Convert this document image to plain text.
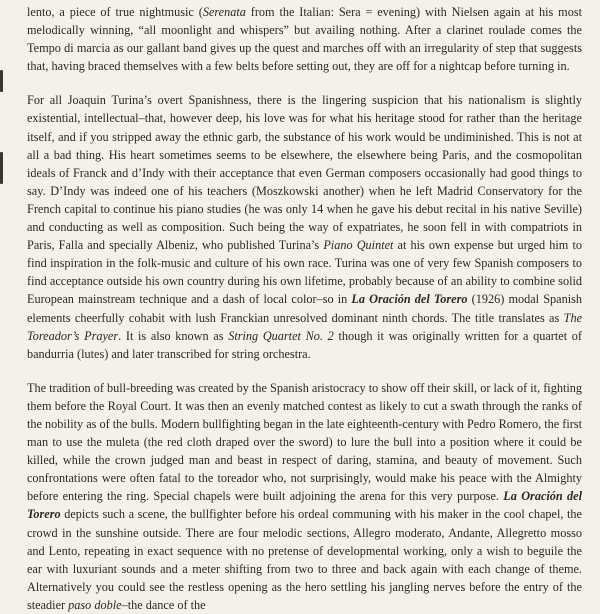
lento, a piece of true nightmusic (Serenata from the Italian: Sera = evening) with Nielsen again at his most melodically winning, “all moonlight and whispers” but availing nothing. After a clarinet roulade comes the Tempo di marcia as our gallant band gives up the quest and marches off with an irregularity of step that suggests that, having braced themselves with a few belts before setting out, they are off for a nightcap before turning in.

For all Joaquin Turina’s overt Spanishness, there is the lingering suspicion that his nationalism is slightly existential, intellectual–that, however deep, his love was for what his heritage stood for rather than the heritage itself, and if you stripped away the ethnic garb, the substance of his work would be undiminished. This is not at all a bad thing. His heart sometimes seems to be elsewhere, the elsewhere being Paris, and the cosmopolitan ideals of Franck and d’Indy with their acceptance that even German composers occasionally had good things to say. D’Indy was indeed one of his teachers (Moszkowski another) when he left Madrid Conservatory for the French capital to continue his piano studies (he was only 14 when he gave his debut recital in his native Seville) and conducting as well as composition. Such being the way of expatriates, he soon fell in with compatriots in Paris, Falla and specially Albeniz, who published Turina’s Piano Quintet at his own expense but urged him to find inspiration in the folk-music and culture of his own race. Turina was one of very few Spanish composers to find acceptance outside his own country during his own lifetime, probably because of an ability to combine solid European mainstream technique and a dash of local color–so in La Oración del Torero (1926) modal Spanish elements cheerfully cohabit with lush Franckian unresolved dominant ninth chords. The title translates as The Toreador’s Prayer. It is also known as String Quartet No. 2 though it was originally written for a quartet of bandurria (lutes) and later transcribed for string orchestra.

The tradition of bull-breeding was created by the Spanish aristocracy to show off their skill, or lack of it, fighting them before the Royal Court. It was then an evenly matched contest as likely to cut a swath through the ranks of the nobility as of the bulls. Modern bullfighting began in the late eighteenth-century with Pedro Romero, the first man to use the muleta (the red cloth draped over the sword) to lure the bull into a position where it could be killed, while the crown judged man and beast in respect of daring, stamina, and beauty of movement. Such confrontations were often fatal to the toreador who, not surprisingly, would make his peace with the Almighty before entering the ring. Special chapels were built adjoining the arena for this very purpose. La Oración del Torero depicts such a scene, the bullfighter before his ordeal communing with his maker in the cool chapel, the crowd in the sunshine outside. There are four melodic sections, Allegro moderato, Andante, Allegretto mosso and Lento, repeating in exact sequence with no pretense of developmental working, only a wish to beguile the ear with luxuriant sounds and a meter shifting from two to three and back again with each change of theme. Alternatively you could see the restless opening as the hero settling his jangling nerves before the entry of the steadier paso doble–the dance of the
